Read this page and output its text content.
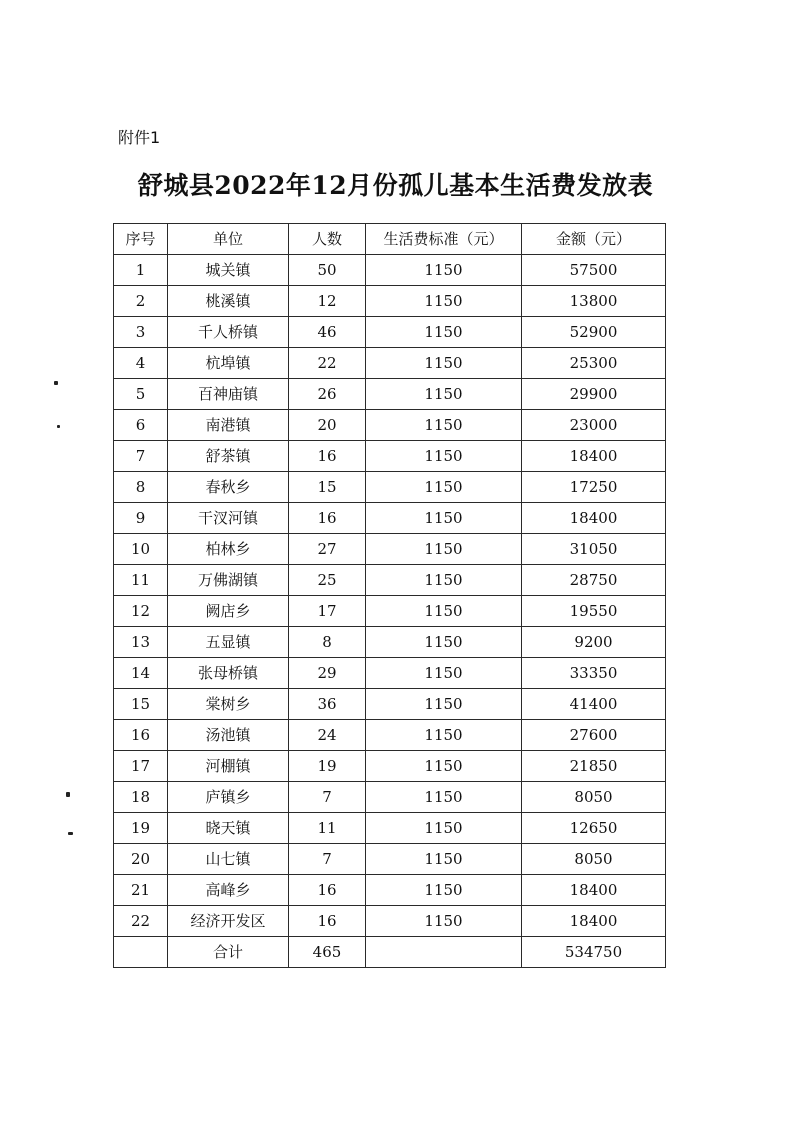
附件1
舒城县2022年12月份孤儿基本生活费发放表
序号	单位	人数	生活费标准（元）	金额（元）
1	城关镇	50	1150	57500
2	桃溪镇	12	1150	13800
3	千人桥镇	46	1150	52900
4	杭埠镇	22	1150	25300
5	百神庙镇	26	1150	29900
6	南港镇	20	1150	23000
7	舒茶镇	16	1150	18400
8	春秋乡	15	1150	17250
9	干汊河镇	16	1150	18400
10	柏林乡	27	1150	31050
11	万佛湖镇	25	1150	28750
12	阙店乡	17	1150	19550
13	五显镇	8	1150	9200
14	张母桥镇	29	1150	33350
15	棠树乡	36	1150	41400
16	汤池镇	24	1150	27600
17	河棚镇	19	1150	21850
18	庐镇乡	7	1150	8050
19	晓天镇	11	1150	12650
20	山七镇	7	1150	8050
21	高峰乡	16	1150	18400
22	经济开发区	16	1150	18400
	合计	465		534750
